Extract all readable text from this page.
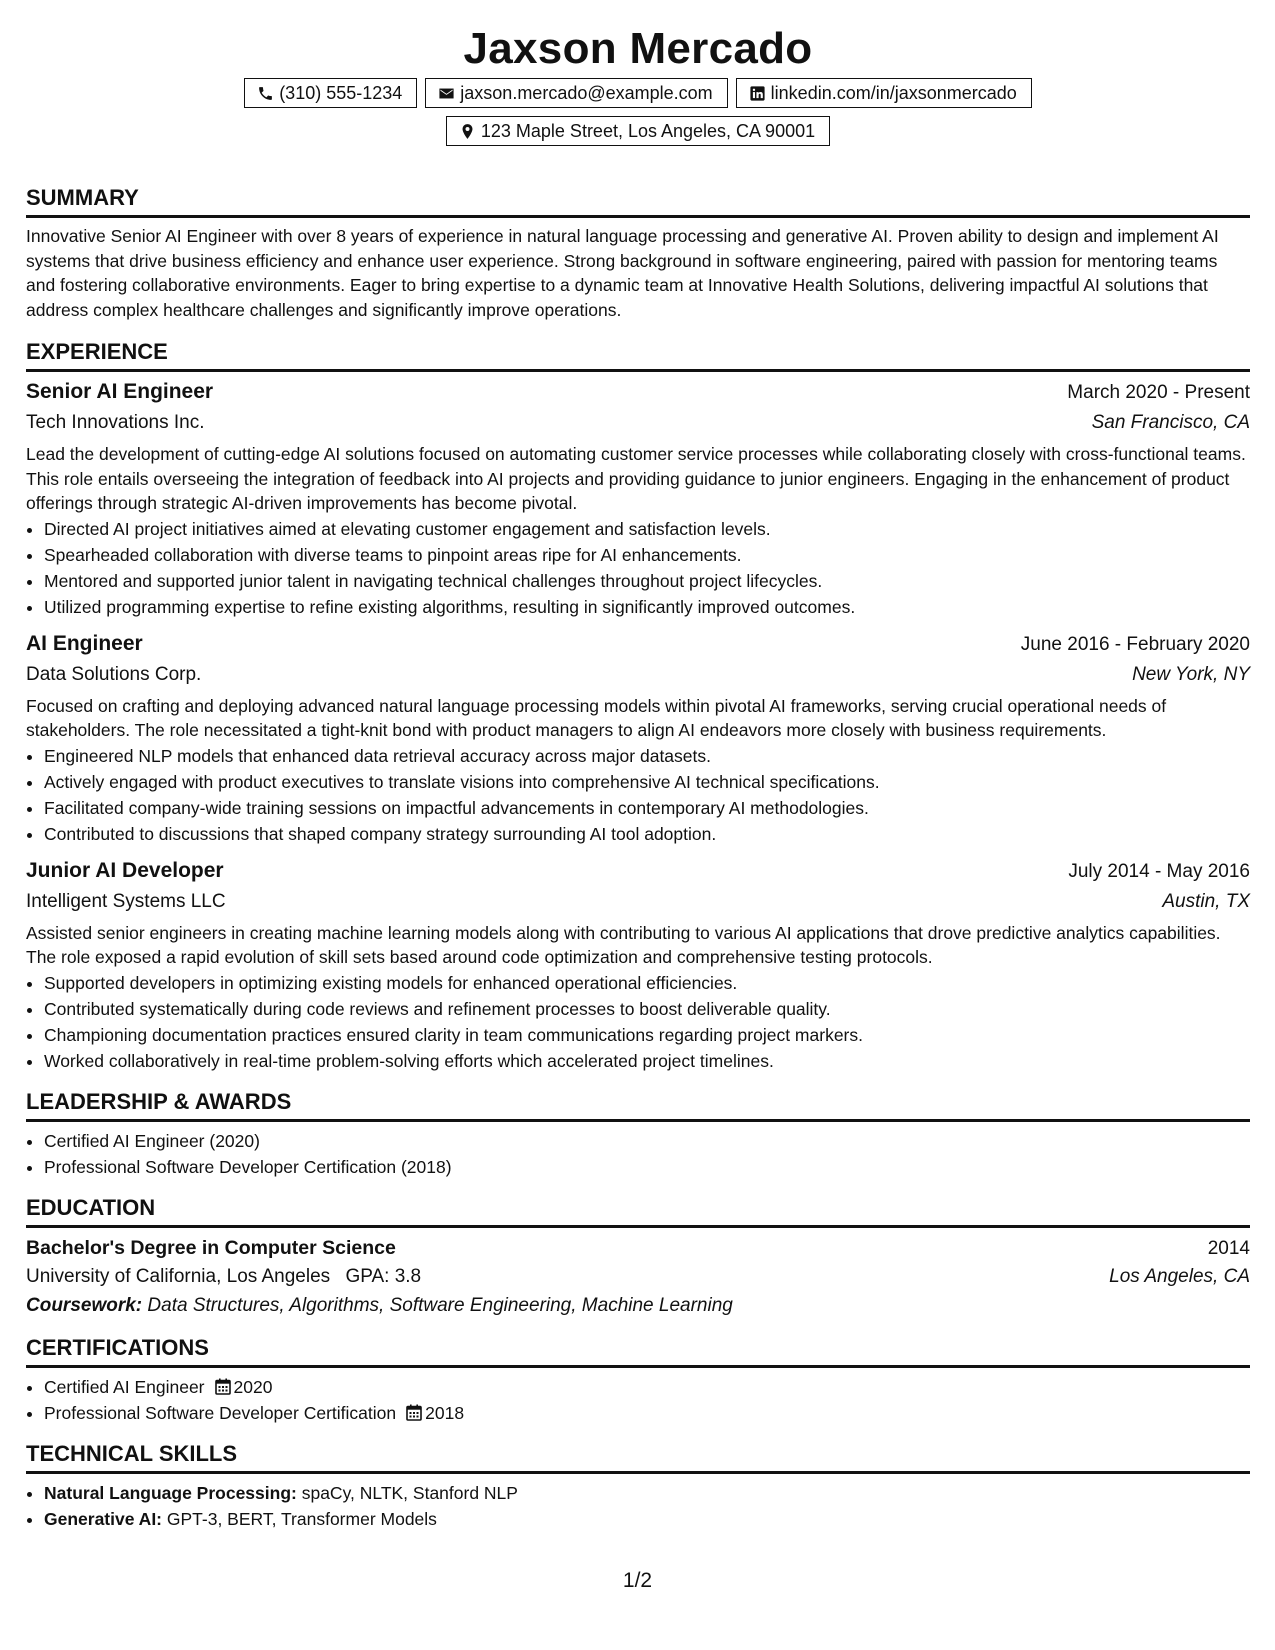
Jaxson Mercado
(310) 555-1234	jaxson.mercado@example.com	linkedin.com/in/jaxsonmercado
123 Maple Street, Los Angeles, CA 90001
SUMMARY

Innovative Senior AI Engineer with over 8 years of experience in natural language processing and generative AI. Proven ability to design and implement AI systems that drive business efficiency and enhance user experience. Strong background in software engineering, paired with passion for mentoring teams and fostering collaborative environments. Eager to bring expertise to a dynamic team at Innovative Health Solutions, delivering impactful AI solutions that address complex healthcare challenges and significantly improve operations.

EXPERIENCE
Senior AI Engineer	March 2020 - Present
Tech Innovations Inc.	San Francisco, CA

Lead the development of cutting-edge AI solutions focused on automating customer service processes while collaborating closely with cross-functional teams. This role entails overseeing the integration of feedback into AI projects and providing guidance to junior engineers. Engaging in the enhancement of product offerings through strategic AI-driven improvements has become pivotal.

• Directed AI project initiatives aimed at elevating customer engagement and satisfaction levels.
• Spearheaded collaboration with diverse teams to pinpoint areas ripe for AI enhancements.
• Mentored and supported junior talent in navigating technical challenges throughout project lifecycles.
• Utilized programming expertise to refine existing algorithms, resulting in significantly improved outcomes.
AI Engineer	June 2016 - February 2020
Data Solutions Corp.	New York, NY

Focused on crafting and deploying advanced natural language processing models within pivotal AI frameworks, serving crucial operational needs of stakeholders. The role necessitated a tight-knit bond with product managers to align AI endeavors more closely with business requirements.

• Engineered NLP models that enhanced data retrieval accuracy across major datasets.
• Actively engaged with product executives to translate visions into comprehensive AI technical specifications.
• Facilitated company-wide training sessions on impactful advancements in contemporary AI methodologies.
• Contributed to discussions that shaped company strategy surrounding AI tool adoption.
Junior AI Developer	July 2014 - May 2016
Intelligent Systems LLC	Austin, TX

Assisted senior engineers in creating machine learning models along with contributing to various AI applications that drove predictive analytics capabilities. The role exposed a rapid evolution of skill sets based around code optimization and comprehensive testing protocols.

• Supported developers in optimizing existing models for enhanced operational efficiencies.
• Contributed systematically during code reviews and refinement processes to boost deliverable quality.
• Championing documentation practices ensured clarity in team communications regarding project markers.
• Worked collaboratively in real-time problem-solving efforts which accelerated project timelines.
LEADERSHIP & AWARDS
• Certified AI Engineer (2020)
• Professional Software Developer Certification (2018)
EDUCATION
Bachelor's Degree in Computer Science	2014
University of California, Los Angeles GPA: 3.8	Los Angeles, CA
Coursework: Data Structures, Algorithms, Software Engineering, Machine Learning
CERTIFICATIONS
• Certified AI Engineer 2020
• Professional Software Developer Certification 2018
TECHNICAL SKILLS
• Natural Language Processing: spaCy, NLTK, Stanford NLP
• Generative AI: GPT-3, BERT, Transformer Models
1/2
